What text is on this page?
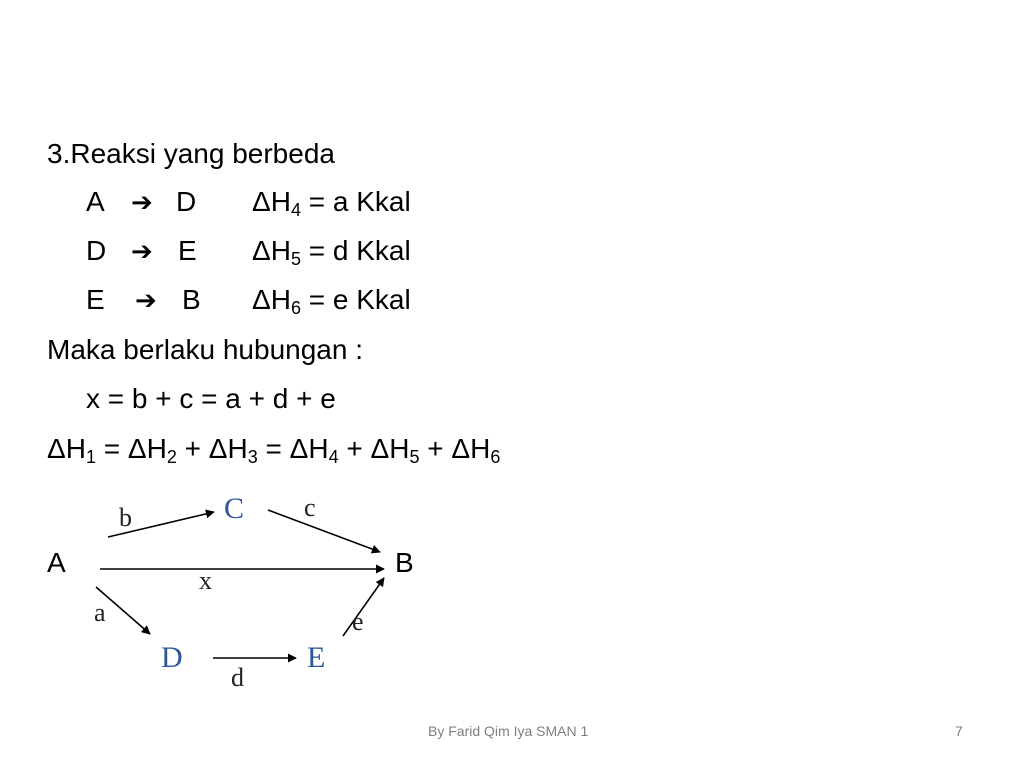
3.Reaksi yang berbeda
A ➔ D $\Delta H_4 = a$ Kkal
D ➔ E $\Delta H_5 = d$ Kkal
E ➔ B $\Delta H_6 = e$ Kkal
Maka berlaku hubungan :
x = b + c = a + d + e
$\Delta H_1 = \Delta H_2 + \Delta H_3 = \Delta H_4 + \Delta H_5 + \Delta H_6$
A	B
C
D	E
b	c
x
a
d
e
By Farid Qim Iya SMAN 1	7
